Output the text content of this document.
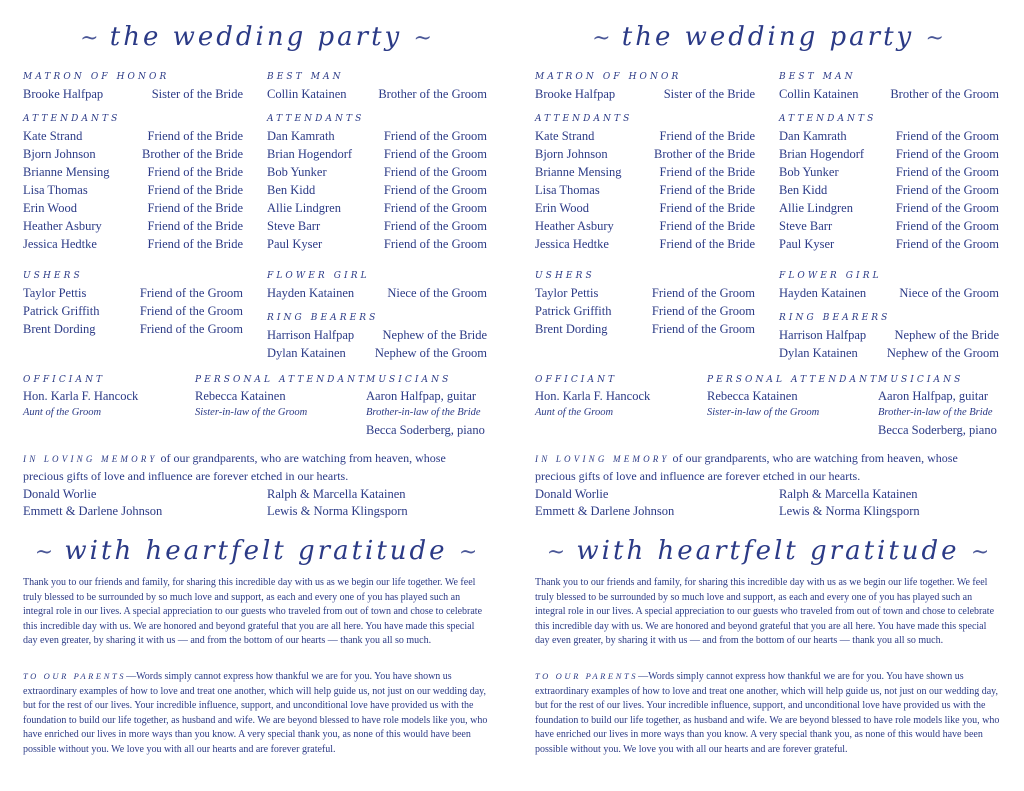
~ the wedding party ~
MATRON OF HONOR
Brooke Halfpap	Sister of the Bride
BEST MAN
Collin Katainen	Brother of the Groom
ATTENDANTS
Kate Strand	Friend of the Bride
Bjorn Johnson	Brother of the Bride
Brianne Mensing	Friend of the Bride
Lisa Thomas	Friend of the Bride
Erin Wood	Friend of the Bride
Heather Asbury	Friend of the Bride
Jessica Hedtke	Friend of the Bride
ATTENDANTS
Dan Kamrath	Friend of the Groom
Brian Hogendorf	Friend of the Groom
Bob Yunker	Friend of the Groom
Ben Kidd	Friend of the Groom
Allie Lindgren	Friend of the Groom
Steve Barr	Friend of the Groom
Paul Kyser	Friend of the Groom
USHERS
Taylor Pettis	Friend of the Groom
Patrick Griffith	Friend of the Groom
Brent Dording	Friend of the Groom
FLOWER GIRL
Hayden Katainen	Niece of the Groom
RING BEARERS
Harrison Halfpap Nephew of the Bride
Dylan Katainen Nephew of the Groom
OFFICIANT
Hon. Karla F. Hancock
Aunt of the Groom
PERSONAL ATTENDANT
Rebecca Katainen
Sister-in-law of the Groom
MUSICIANS
Aaron Halfpap, guitar
Brother-in-law of the Bride
Becca Soderberg, piano
IN LOVING MEMORY of our grandparents, who are watching from heaven, whose precious gifts of love and influence are forever etched in our hearts.
Donald Worlie
Emmett & Darlene Johnson
Ralph & Marcella Katainen
Lewis & Norma Klingsporn
~ with heartfelt gratitude ~
Thank you to our friends and family, for sharing this incredible day with us as we begin our life together. We feel truly blessed to be surrounded by so much love and support, as each and every one of you has played such an integral role in our lives. A special appreciation to our guests who traveled from out of town and chose to celebrate this incredible day with us. We are honored and beyond grateful that you are all here. You have made this special day even greater, by sharing it with us — and from the bottom of our hearts — thank you all so much.
TO OUR PARENTS—Words simply cannot express how thankful we are for you. You have shown us extraordinary examples of how to love and treat one another, which will help guide us, not just on our wedding day, but for the rest of our lives. Your incredible influence, support, and unconditional love have provided us with the foundation to build our life together, as husband and wife. We are beyond blessed to have role models like you, who have enriched our lives in more ways than you know. A very special thank you, as none of this would have been possible without you. We love you with all our hearts and are forever grateful.
~ the wedding party ~
MATRON OF HONOR
Brooke Halfpap	Sister of the Bride
BEST MAN
Collin Katainen	Brother of the Groom
ATTENDANTS
Kate Strand	Friend of the Bride
Bjorn Johnson	Brother of the Bride
Brianne Mensing	Friend of the Bride
Lisa Thomas	Friend of the Bride
Erin Wood	Friend of the Bride
Heather Asbury	Friend of the Bride
Jessica Hedtke	Friend of the Bride
ATTENDANTS
Dan Kamrath	Friend of the Groom
Brian Hogendorf	Friend of the Groom
Bob Yunker	Friend of the Groom
Ben Kidd	Friend of the Groom
Allie Lindgren	Friend of the Groom
Steve Barr	Friend of the Groom
Paul Kyser	Friend of the Groom
USHERS
Taylor Pettis	Friend of the Groom
Patrick Griffith	Friend of the Groom
Brent Dording	Friend of the Groom
FLOWER GIRL
Hayden Katainen	Niece of the Groom
RING BEARERS
Harrison Halfpap Nephew of the Bride
Dylan Katainen Nephew of the Groom
OFFICIANT
Hon. Karla F. Hancock
Aunt of the Groom
PERSONAL ATTENDANT
Rebecca Katainen
Sister-in-law of the Groom
MUSICIANS
Aaron Halfpap, guitar
Brother-in-law of the Bride
Becca Soderberg, piano
IN LOVING MEMORY of our grandparents, who are watching from heaven, whose precious gifts of love and influence are forever etched in our hearts.
Donald Worlie
Emmett & Darlene Johnson
Ralph & Marcella Katainen
Lewis & Norma Klingsporn
~ with heartfelt gratitude ~
Thank you to our friends and family, for sharing this incredible day with us as we begin our life together. We feel truly blessed to be surrounded by so much love and support, as each and every one of you has played such an integral role in our lives. A special appreciation to our guests who traveled from out of town and chose to celebrate this incredible day with us. We are honored and beyond grateful that you are all here. You have made this special day even greater, by sharing it with us — and from the bottom of our hearts — thank you all so much.
TO OUR PARENTS—Words simply cannot express how thankful we are for you. You have shown us extraordinary examples of how to love and treat one another, which will help guide us, not just on our wedding day, but for the rest of our lives. Your incredible influence, support, and unconditional love have provided us with the foundation to build our life together, as husband and wife. We are beyond blessed to have role models like you, who have enriched our lives in more ways than you know. A very special thank you, as none of this would have been possible without you. We love you with all our hearts and are forever grateful.
